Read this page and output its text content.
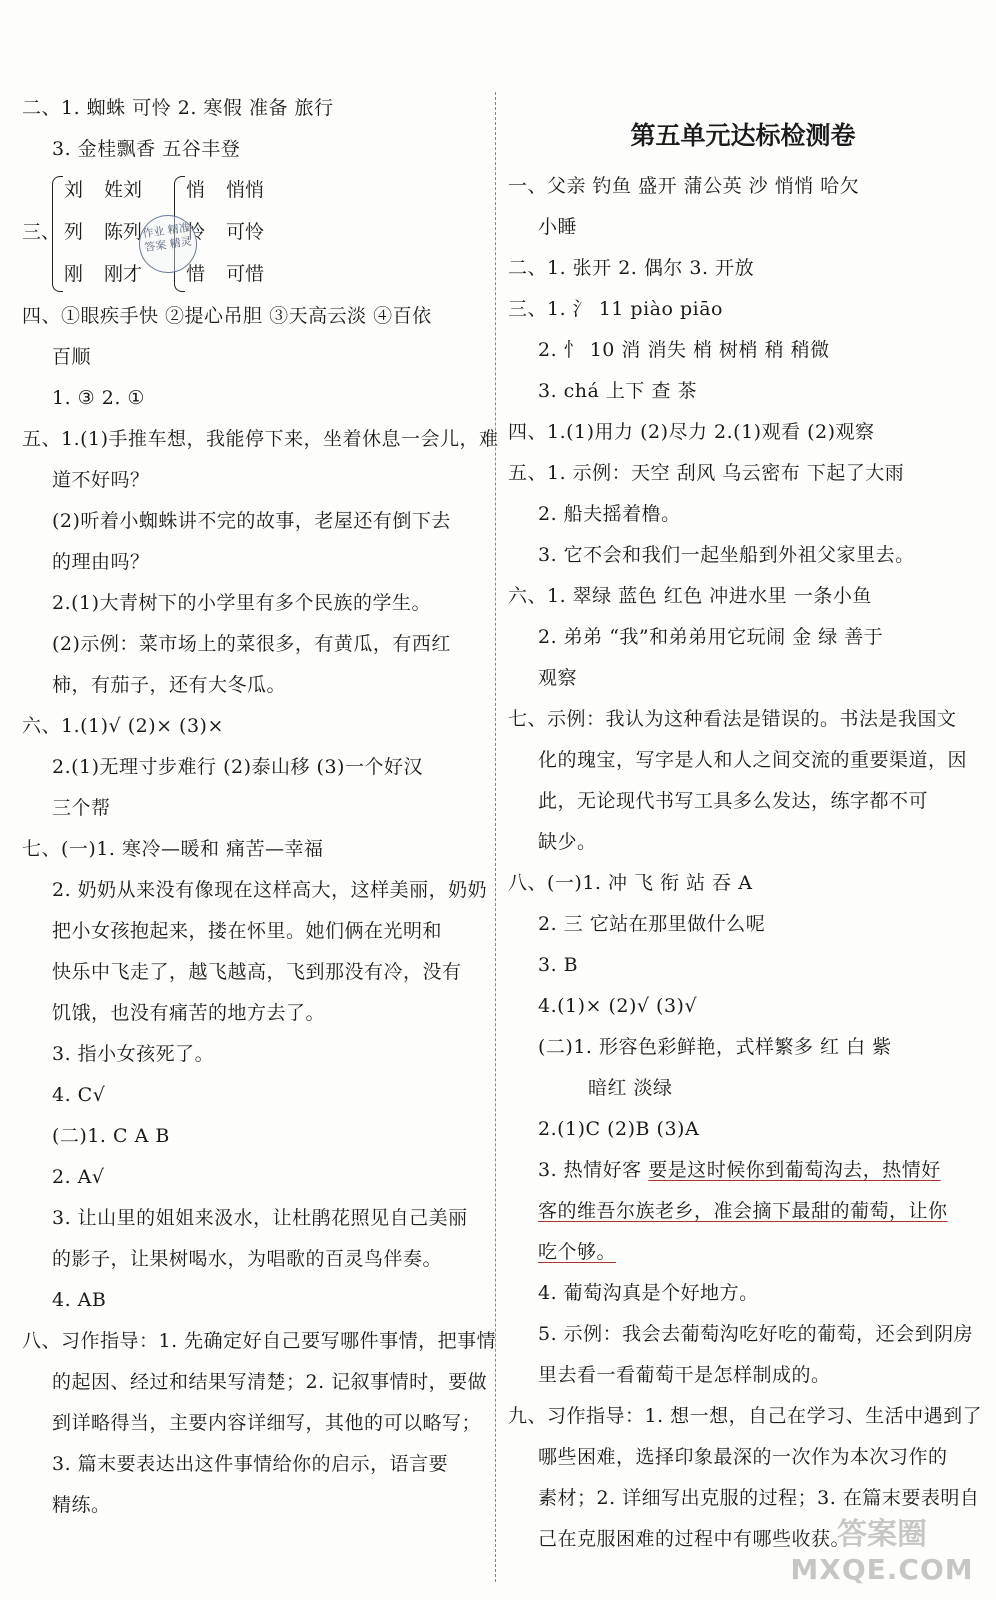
二、1. 蜘蛛 可怜 2. 寒假 准备 旅行
3. 金桂飘香 五谷丰登
三、
刘 姓刘 悄 悄悄
列 陈列 怜 可怜
刚 刚才 惜 可惜
作业 精准答案 精灵
四、①眼疾手快 ②提心吊胆 ③天高云淡 ④百依
百顺
1. ③ 2. ①
五、1.(1)手推车想，我能停下来，坐着休息一会儿，难
道不好吗？
(2)听着小蜘蛛讲不完的故事，老屋还有倒下去
的理由吗？
2.(1)大青树下的小学里有多个民族的学生。
(2)示例：菜市场上的菜很多，有黄瓜，有西红
柿，有茄子，还有大冬瓜。
六、1.(1)√ (2)× (3)×
2.(1)无理寸步难行 (2)泰山移 (3)一个好汉
三个帮
七、(一)1. 寒冷—暖和 痛苦—幸福
2. 奶奶从来没有像现在这样高大，这样美丽，奶奶
把小女孩抱起来，搂在怀里。她们俩在光明和
快乐中飞走了，越飞越高，飞到那没有冷，没有
饥饿，也没有痛苦的地方去了。
3. 指小女孩死了。
4. C√
(二)1. C A B
2. A√
3. 让山里的姐姐来汲水，让杜鹃花照见自己美丽
的影子，让果树喝水，为唱歌的百灵鸟伴奏。
4. AB
八、习作指导：1. 先确定好自己要写哪件事情，把事情
的起因、经过和结果写清楚；2. 记叙事情时，要做
到详略得当，主要内容详细写，其他的可以略写；
3. 篇末要表达出这件事情给你的启示，语言要
精练。
第五单元达标检测卷
一、父亲 钓鱼 盛开 蒲公英 沙 悄悄 哈欠
小睡
二、1. 张开 2. 偶尔 3. 开放
三、1. 氵 11 piào piāo
2. 忄 10 消 消失 梢 树梢 稍 稍微
3. chá 上下 查 茶
四、1.(1)用力 (2)尽力 2.(1)观看 (2)观察
五、1. 示例：天空 刮风 乌云密布 下起了大雨
2. 船夫摇着橹。
3. 它不会和我们一起坐船到外祖父家里去。
六、1. 翠绿 蓝色 红色 冲进水里 一条小鱼
2. 弟弟 “我”和弟弟用它玩闹 金 绿 善于
观察
七、示例：我认为这种看法是错误的。书法是我国文
化的瑰宝，写字是人和人之间交流的重要渠道，因
此，无论现代书写工具多么发达，练字都不可
缺少。
八、(一)1. 冲 飞 衔 站 吞 A
2. 三 它站在那里做什么呢
3. B
4.(1)× (2)√ (3)√
(二)1. 形容色彩鲜艳，式样繁多 红 白 紫
暗红 淡绿
2.(1)C (2)B (3)A
3. 热情好客 要是这时候你到葡萄沟去，热情好
客的维吾尔族老乡，准会摘下最甜的葡萄，让你
吃个够。
4. 葡萄沟真是个好地方。
5. 示例：我会去葡萄沟吃好吃的葡萄，还会到阴房
里去看一看葡萄干是怎样制成的。
九、习作指导：1. 想一想，自己在学习、生活中遇到了
哪些困难，选择印象最深的一次作为本次习作的
素材；2. 详细写出克服的过程；3. 在篇末要表明自
己在克服困难的过程中有哪些收获。
答案圈
MXQE.COM
